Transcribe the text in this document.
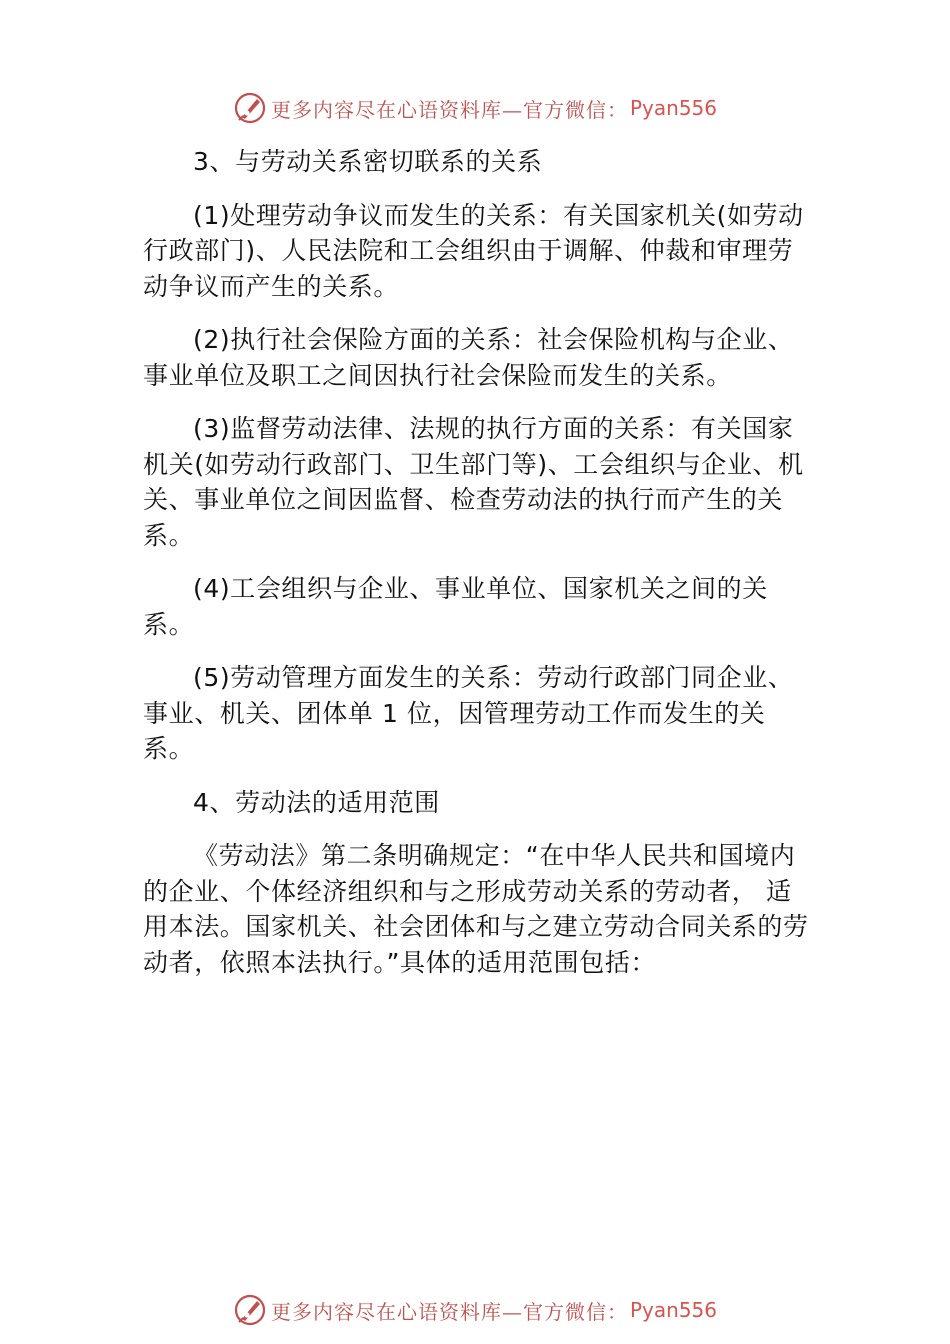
更多内容尽在心语资料库—官方微信： Pyan556

3、与劳动关系密切联系的关系

(1)处理劳动争议而发生的关系：有关国家机关(如劳动行政部门)、人民法院和工会组织由于调解、仲裁和审理劳动争议而产生的关系。

(2)执行社会保险方面的关系：社会保险机构与企业、事业单位及职工之间因执行社会保险而发生的关系。

(3)监督劳动法律、法规的执行方面的关系：有关国家机关(如劳动行政部门、卫生部门等)、工会组织与企业、机关、事业单位之间因监督、检查劳动法的执行而产生的关系。

(4)工会组织与企业、事业单位、国家机关之间的关系。

(5)劳动管理方面发生的关系：劳动行政部门同企业、事业、机关、团体单 1 位，因管理劳动工作而发生的关系。

4、劳动法的适用范围

《劳动法》第二条明确规定：“在中华人民共和国境内的企业、个体经济组织和与之形成劳动关系的劳动者， 适用本法。国家机关、社会团体和与之建立劳动合同关系的劳动者，依照本法执行。”具体的适用范围包括：

更多内容尽在心语资料库—官方微信： Pyan556
